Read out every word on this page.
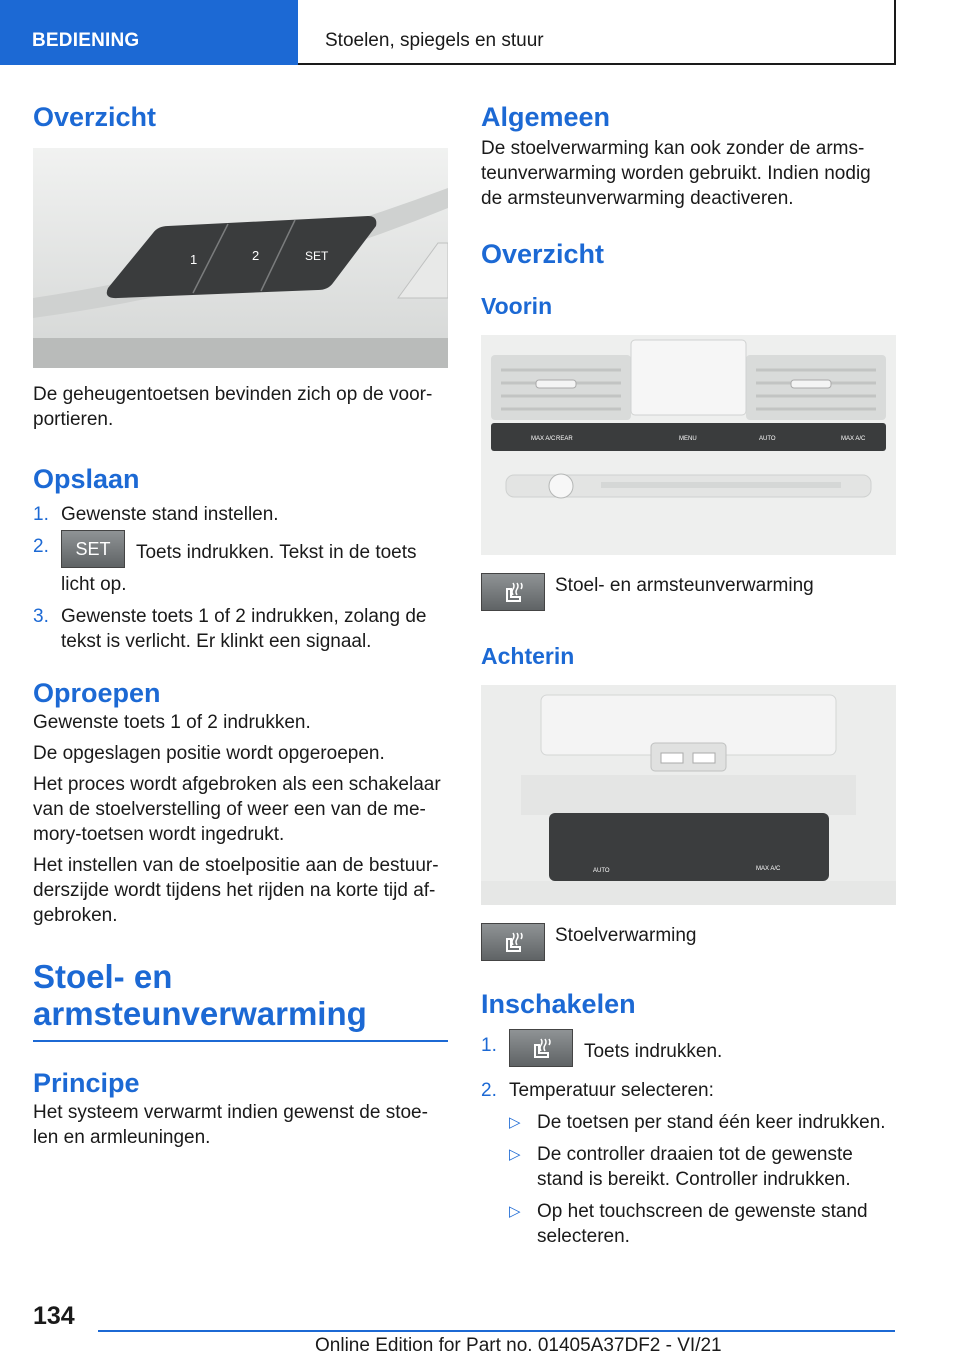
BEDIENING	Stoelen, spiegels en stuur
Overzicht
1	2	SET

De geheugentoetsen bevinden zich op de voor- portieren.

Opslaan
1. Gewenste stand instellen.
2. SET Toets indrukken. Tekst in de toets licht op.
3. Gewenste toets 1 of 2 indrukken, zolang de tekst is verlicht. Er klinkt een signaal.
Oproepen

Gewenste toets 1 of 2 indrukken.

De opgeslagen positie wordt opgeroepen.

Het proces wordt afgebroken als een schakelaar van de stoelverstelling of weer een van de me- mory-toetsen wordt ingedrukt.

Het instellen van de stoelpositie aan de bestuur- derszijde wordt tijdens het rijden na korte tijd af- gebroken.

Stoel- en armsteunverwarming
Principe

Het systeem verwarmt indien gewenst de stoe- len en armleuningen.

Algemeen

De stoelverwarming kan ook zonder de arms- teunverwarming worden gebruikt. Indien nodig de armsteunverwarming deactiveren.

Overzicht
Voorin
MAX A/C REAR	MENU	AUTO	MAX A/C

Stoel- en armsteunverwarming

Achterin
AUTO	MAX A/C

Stoelverwarming

Inschakelen
1.	Toets indrukken.
2. Temperatuur selecteren:
▷ De toetsen per stand één keer indrukken.
▷ De controller draaien tot de gewenste stand is bereikt. Controller indrukken.
▷ Op het touchscreen de gewenste stand selecteren.
134
Online Edition for Part no. 01405A37DF2 - VI/21
